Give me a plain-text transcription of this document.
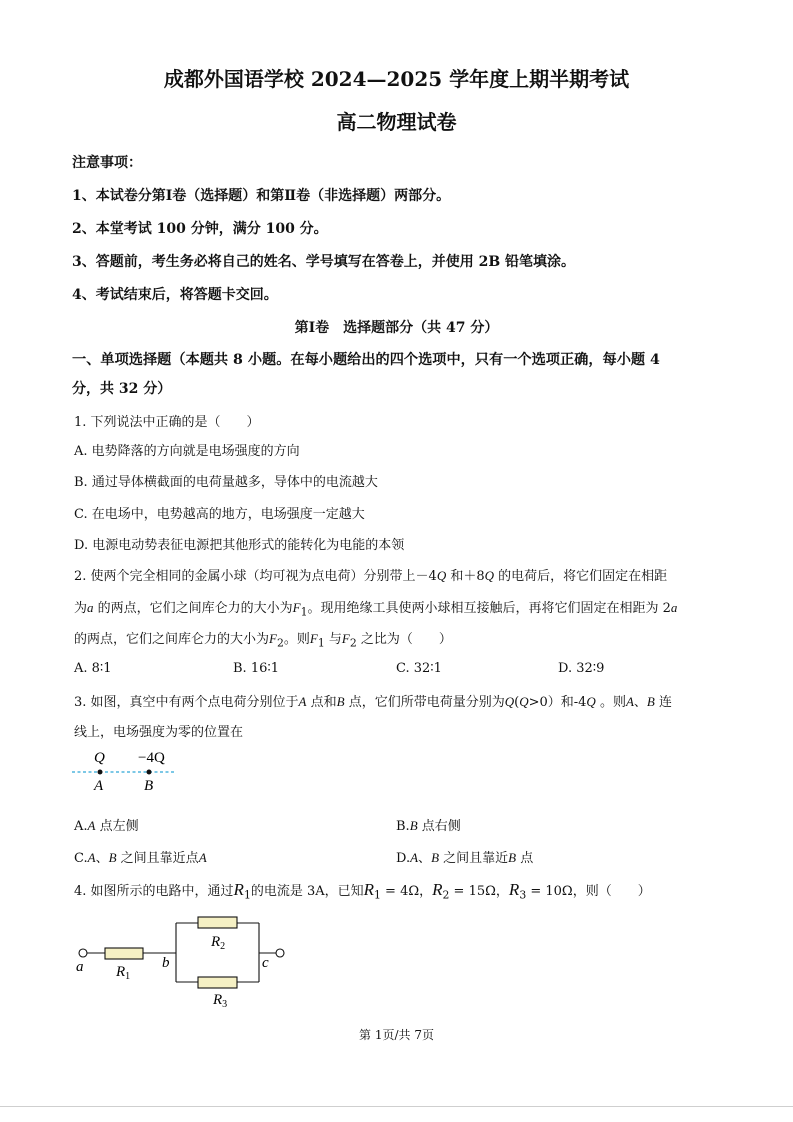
成都外国语学校 2024—2025 学年度上期半期考试
高二物理试卷
注意事项：
1、本试卷分第Ⅰ卷（选择题）和第Ⅱ卷（非选择题）两部分。
2、本堂考试 100 分钟，满分 100 分。
3、答题前，考生务必将自己的姓名、学号填写在答卷上，并使用 2B 铅笔填涂。
4、考试结束后，将答题卡交回。
第Ⅰ卷　选择题部分（共 47 分）
一、单项选择题（本题共 8 小题。在每小题给出的四个选项中，只有一个选项正确，每小题 4
分，共 32 分）
1. 下列说法中正确的是（　　）
A. 电势降落的方向就是电场强度的方向
B. 通过导体横截面的电荷量越多，导体中的电流越大
C. 在电场中，电势越高的地方，电场强度一定越大
D. 电源电动势表征电源把其他形式的能转化为电能的本领
2. 使两个完全相同的金属小球（均可视为点电荷）分别带上－4Q 和＋8Q 的电荷后，将它们固定在相距
为a 的两点，它们之间库仑力的大小为$F_1$。现用绝缘工具使两小球相互接触后，再将它们固定在相距为 2a
的两点，它们之间库仑力的大小为$F_2$。则$F_1$ 与$F_2$ 之比为（　　）
A. 8∶1	B. 16∶1	C. 32∶1	D. 32∶9
3. 如图，真空中有两个点电荷分别位于A 点和B 点，它们所带电荷量分别为Q(Q>0）和-4Q 。则A、B 连
线上，电场强度为零的位置在
Q −4Q
A	B
A.A 点左侧	B.B 点右侧
C.A、B 之间且靠近点A	D.A、B 之间且靠近B 点
4. 如图所示的电路中，通过$R_1$的电流是 3A，已知$R_1 = 4\Omega$，$R_2 = 15\Omega$，$R_3 = 10\Omega$，则（　　）
a	b	c
$R_1$
$R_2$
$R_3$
第 1页/共 7页
